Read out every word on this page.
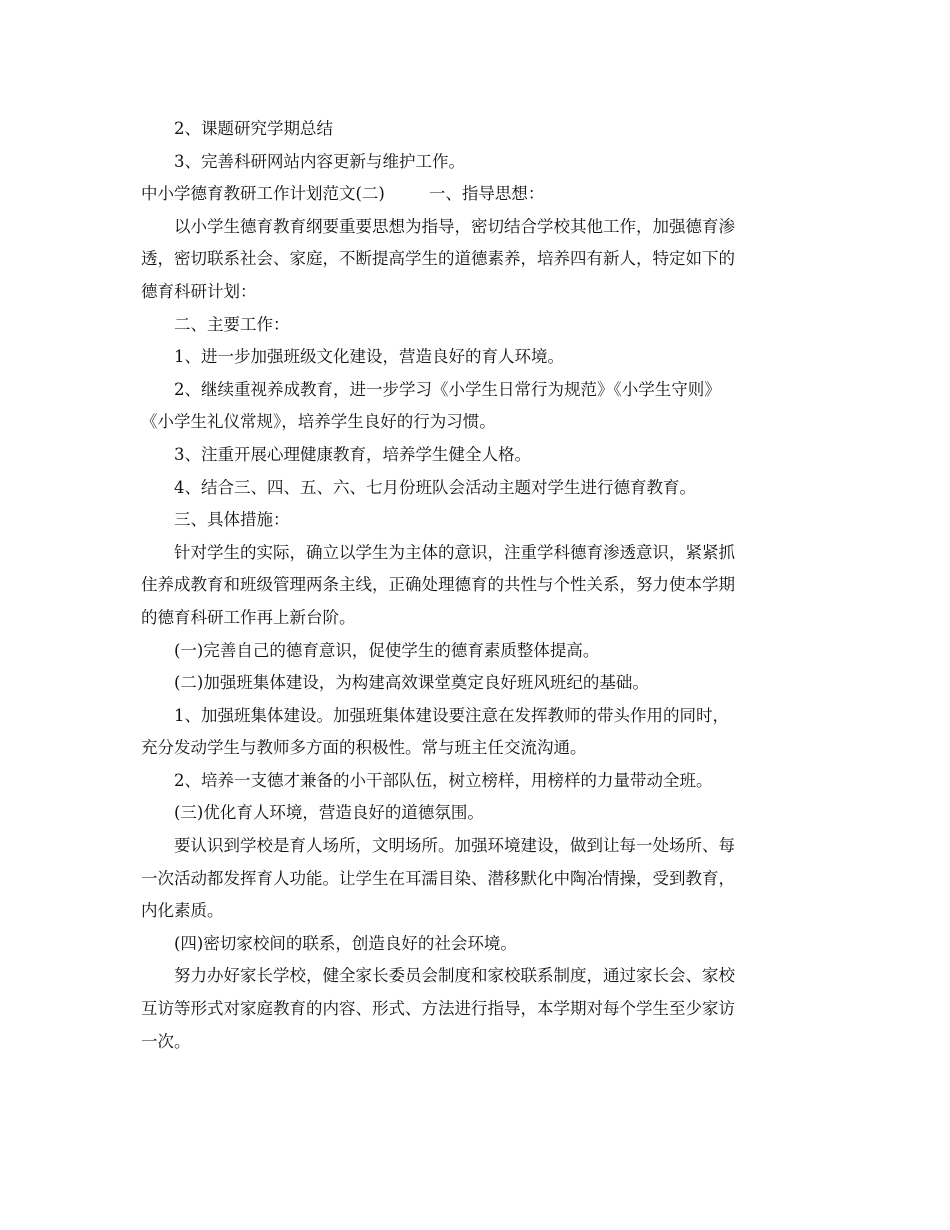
2、课题研究学期总结
3、完善科研网站内容更新与维护工作。
中小学德育教研工作计划范文(二)	一、指导思想：
以小学生德育教育纲要重要思想为指导，密切结合学校其他工作，加强德育渗
透，密切联系社会、家庭，不断提高学生的道德素养，培养四有新人，特定如下的
德育科研计划：
二、主要工作：
1、进一步加强班级文化建设，营造良好的育人环境。
2、继续重视养成教育，进一步学习《小学生日常行为规范》《小学生守则》
《小学生礼仪常规》，培养学生良好的行为习惯。
3、注重开展心理健康教育，培养学生健全人格。
4、结合三、四、五、六、七月份班队会活动主题对学生进行德育教育。
三、具体措施：
针对学生的实际，确立以学生为主体的意识，注重学科德育渗透意识，紧紧抓
住养成教育和班级管理两条主线，正确处理德育的共性与个性关系，努力使本学期
的德育科研工作再上新台阶。
(一)完善自己的德育意识，促使学生的德育素质整体提高。
(二)加强班集体建设，为构建高效课堂奠定良好班风班纪的基础。
1、加强班集体建设。加强班集体建设要注意在发挥教师的带头作用的同时，
充分发动学生与教师多方面的积极性。常与班主任交流沟通。
2、培养一支德才兼备的小干部队伍，树立榜样，用榜样的力量带动全班。
(三)优化育人环境，营造良好的道德氛围。
要认识到学校是育人场所，文明场所。加强环境建设，做到让每一处场所、每
一次活动都发挥育人功能。让学生在耳濡目染、潜移默化中陶冶情操，受到教育，
内化素质。
(四)密切家校间的联系，创造良好的社会环境。
努力办好家长学校，健全家长委员会制度和家校联系制度，通过家长会、家校
互访等形式对家庭教育的内容、形式、方法进行指导，本学期对每个学生至少家访
一次。
